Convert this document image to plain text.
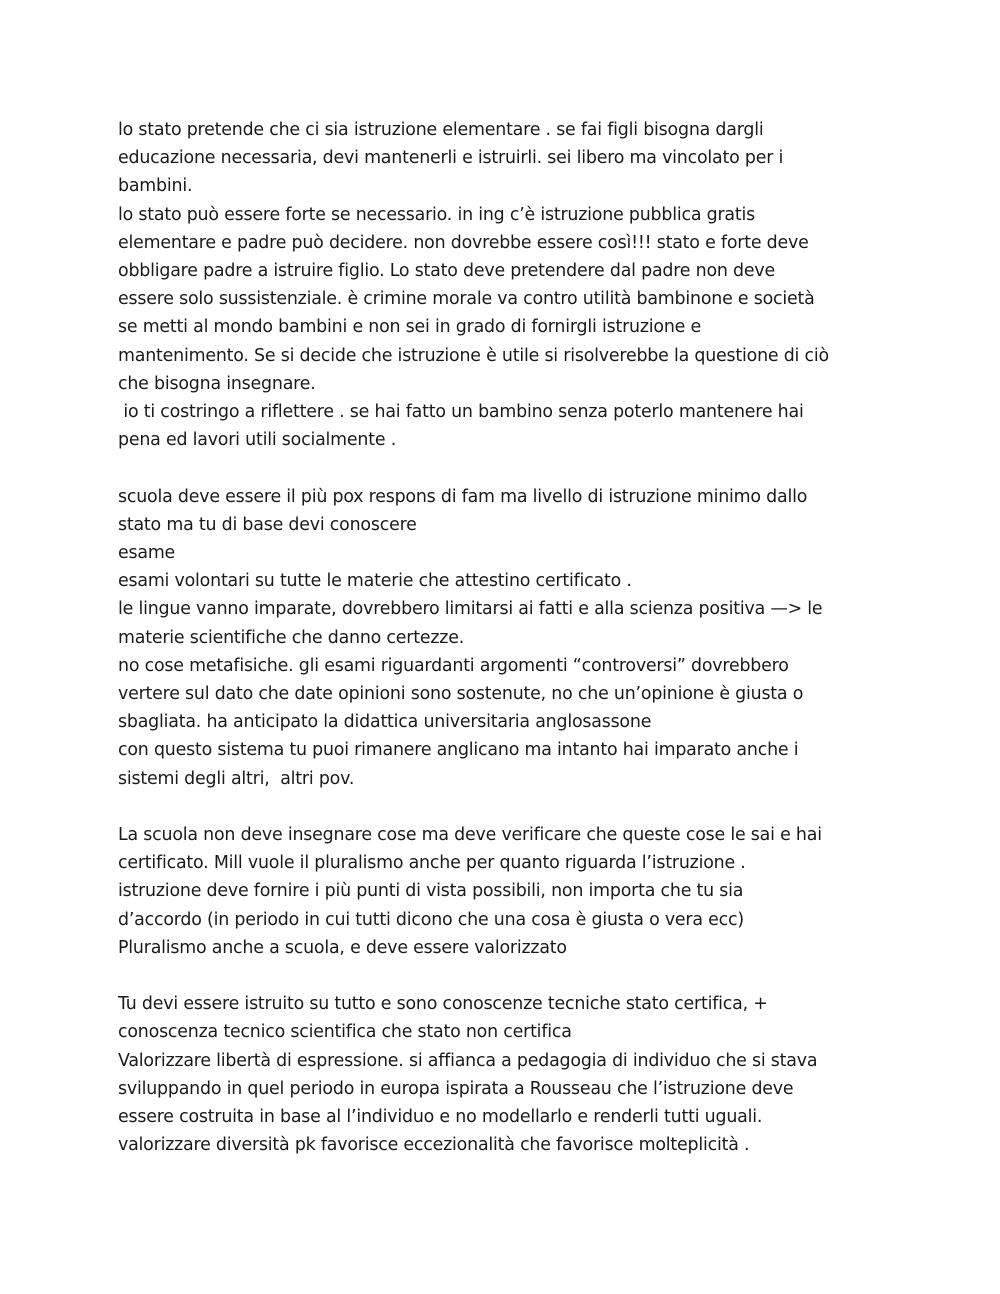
lo stato pretende che ci sia istruzione elementare . se fai figli bisogna dargli
educazione necessaria, devi mantenerli e istruirli. sei libero ma vincolato per i
bambini.
lo stato può essere forte se necessario. in ing c’è istruzione pubblica gratis
elementare e padre può decidere. non dovrebbe essere così!!! stato e forte deve
obbligare padre a istruire figlio. Lo stato deve pretendere dal padre non deve
essere solo sussistenziale. è crimine morale va contro utilità bambinone e società
se metti al mondo bambini e non sei in grado di fornirgli istruzione e
mantenimento. Se si decide che istruzione è utile si risolverebbe la questione di ciò
che bisogna insegnare.
io ti costringo a riflettere . se hai fatto un bambino senza poterlo mantenere hai
pena ed lavori utili socialmente .
scuola deve essere il più pox respons di fam ma livello di istruzione minimo dallo
stato ma tu di base devi conoscere
esame
esami volontari su tutte le materie che attestino certificato .
le lingue vanno imparate, dovrebbero limitarsi ai fatti e alla scienza positiva —> le
materie scientifiche che danno certezze.
no cose metafisiche. gli esami riguardanti argomenti “controversi” dovrebbero
vertere sul dato che date opinioni sono sostenute, no che un’opinione è giusta o
sbagliata. ha anticipato la didattica universitaria anglosassone
con questo sistema tu puoi rimanere anglicano ma intanto hai imparato anche i
sistemi degli altri,  altri pov.
La scuola non deve insegnare cose ma deve verificare che queste cose le sai e hai
certificato. Mill vuole il pluralismo anche per quanto riguarda l’istruzione .
istruzione deve fornire i più punti di vista possibili, non importa che tu sia
d’accordo (in periodo in cui tutti dicono che una cosa è giusta o vera ecc)
Pluralismo anche a scuola, e deve essere valorizzato
Tu devi essere istruito su tutto e sono conoscenze tecniche stato certifica, +
conoscenza tecnico scientifica che stato non certifica
Valorizzare libertà di espressione. si affianca a pedagogia di individuo che si stava
sviluppando in quel periodo in europa ispirata a Rousseau che l’istruzione deve
essere costruita in base al l’individuo e no modellarlo e renderli tutti uguali.
valorizzare diversità pk favorisce eccezionalità che favorisce molteplicità .
